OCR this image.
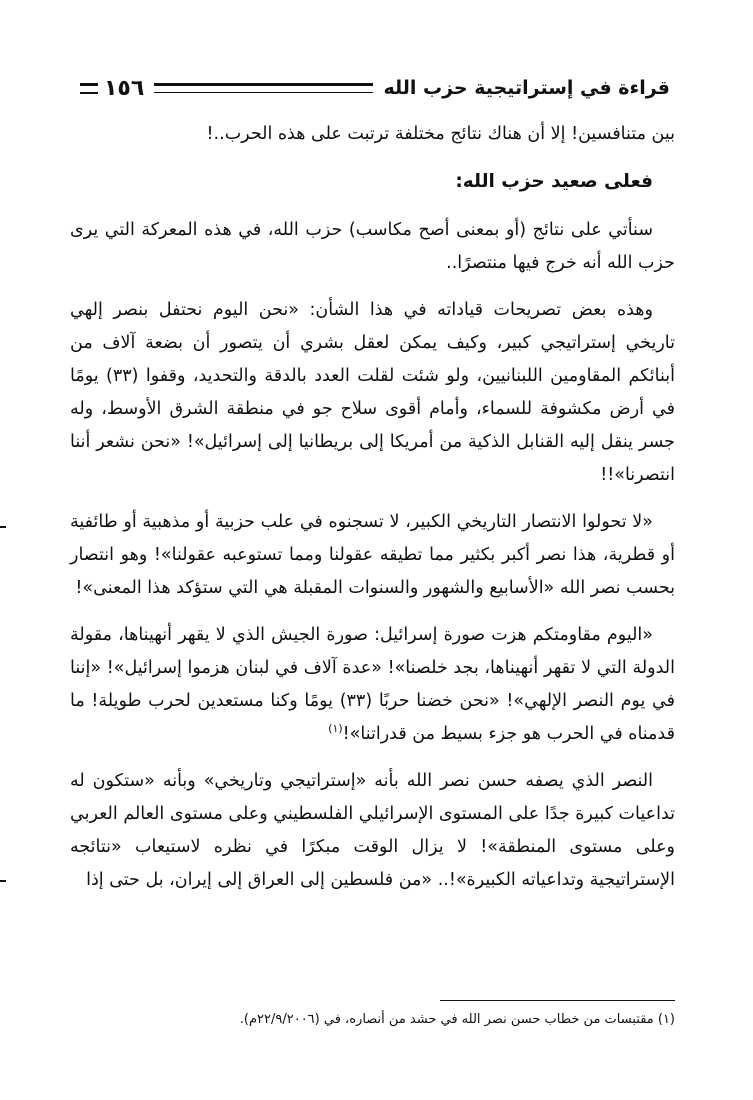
قراءة في إستراتيجية حزب الله
١٥٦

بين متنافسين! إلا أن هناك نتائج مختلفة ترتبت على هذه الحرب..!

فعلى صعيد حزب الله:

سنأتي على نتائج (أو بمعنى أصح مكاسب) حزب الله، في هذه المعركة التي يرى حزب الله أنه خرج فيها منتصرًا..

وهذه بعض تصريحات قياداته في هذا الشأن: «نحن اليوم نحتفل بنصر إلهي تاريخي إستراتيجي كبير، وكيف يمكن لعقل بشري أن يتصور أن بضعة آلاف من أبنائكم المقاومين اللبنانيين، ولو شئت لقلت العدد بالدقة والتحديد، وقفوا (٣٣) يومًا في أرض مكشوفة للسماء، وأمام أقوى سلاح جو في منطقة الشرق الأوسط، وله جسر ينقل إليه القنابل الذكية من أمريكا إلى بريطانيا إلى إسرائيل»! «نحن نشعر أننا انتصرنا»!!

«لا تحولوا الانتصار التاريخي الكبير، لا تسجنوه في علب حزبية أو مذهبية أو طائفية أو قطرية، هذا نصر أكبر بكثير مما تطيقه عقولنا ومما تستوعبه عقولنا»! وهو انتصار بحسب نصر الله «الأسابيع والشهور والسنوات المقبلة هي التي ستؤكد هذا المعنى»!

«اليوم مقاومتكم هزت صورة إسرائيل: صورة الجيش الذي لا يقهر أنهيناها، مقولة الدولة التي لا تقهر أنهيناها، بجد خلصنا»! «عدة آلاف في لبنان هزموا إسرائيل»! «إننا في يوم النصر الإلهي»! «نحن خضنا حربًا (٣٣) يومًا وكنا مستعدين لحرب طويلة! ما قدمناه في الحرب هو جزء بسيط من قدراتنا»!$^{(١)}$

النصر الذي يصفه حسن نصر الله بأنه «إستراتيجي وتاريخي» وبأنه «ستكون له تداعيات كبيرة جدًا على المستوى الإسرائيلي الفلسطيني وعلى مستوى العالم العربي وعلى مستوى المنطقة»! لا يزال الوقت مبكرًا في نظره لاستيعاب «نتائجه الإستراتيجية وتداعياته الكبيرة»!.. «من فلسطين إلى العراق إلى إيران، بل حتى إذا

(١) مقتبسات من خطاب حسن نصر الله في حشد من أنصاره، في (٢٢/٩/٢٠٠٦م).
